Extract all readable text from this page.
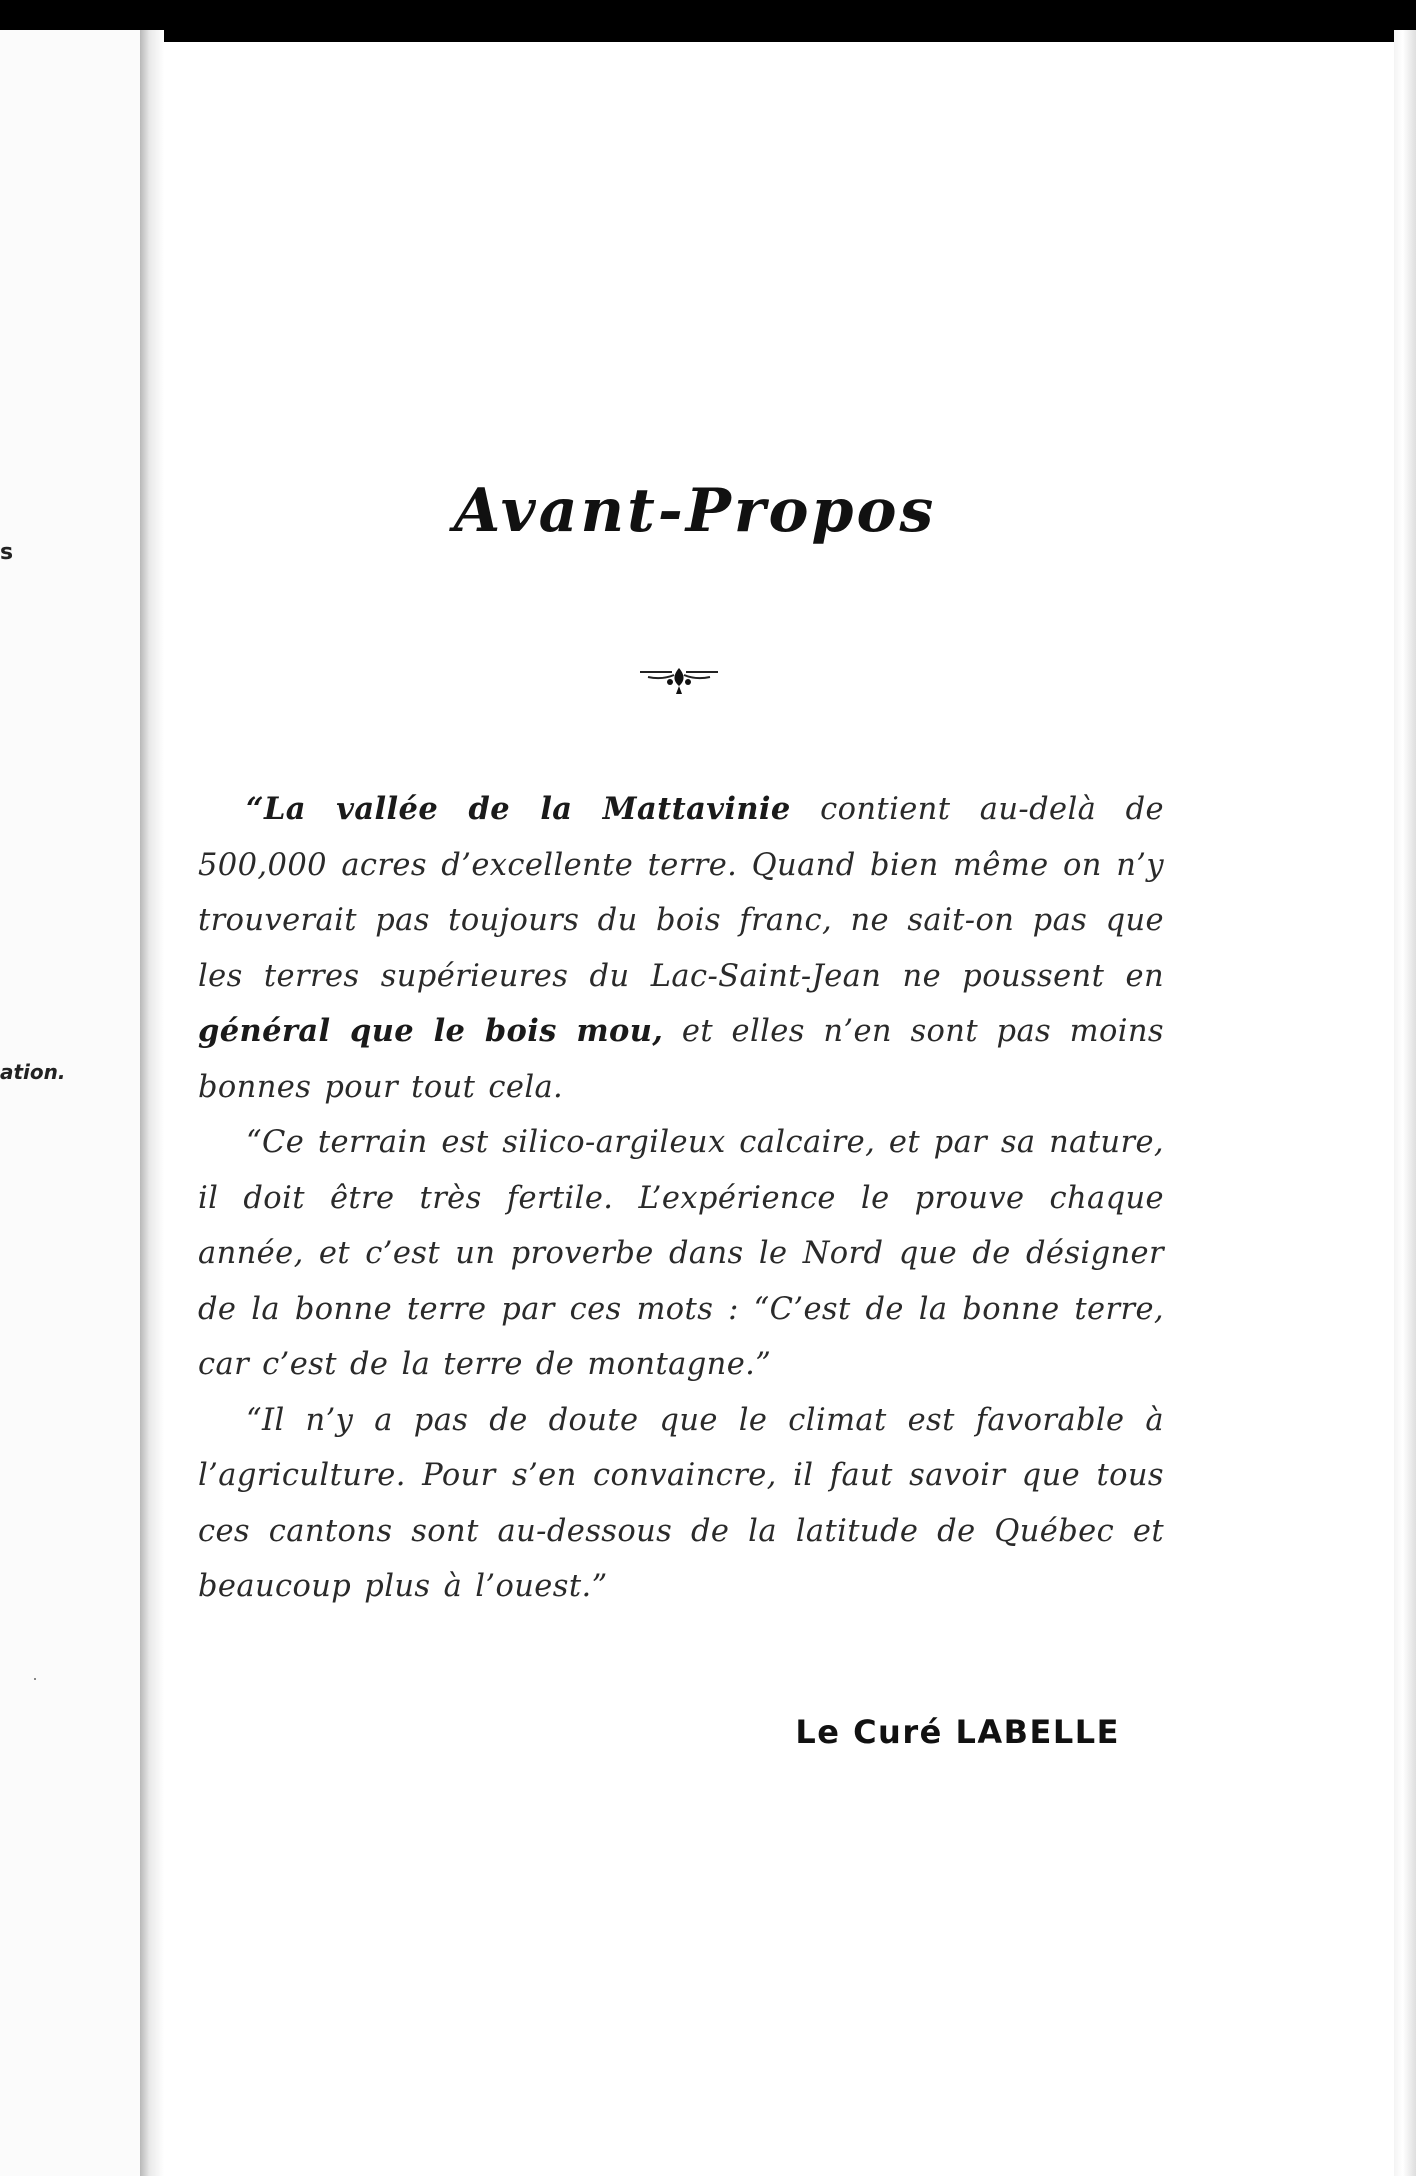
s
ation.
Avant-Propos

“La vallée de la Mattavinie contient au-delà de 500,000 acres d’excellente terre. Quand bien même on n’y trouverait pas toujours du bois franc, ne sait-on pas que les terres supérieures du Lac-Saint-Jean ne poussent en général que le bois mou, et elles n’en sont pas moins bonnes pour tout cela.

“Ce terrain est silico-argileux calcaire, et par sa nature, il doit être très fertile. L’expérience le prouve chaque année, et c’est un proverbe dans le Nord que de désigner de la bonne terre par ces mots : “C’est de la bonne terre, car c’est de la terre de montagne.”

“Il n’y a pas de doute que le climat est favorable à l’agriculture. Pour s’en convaincre, il faut savoir que tous ces cantons sont au-dessous de la latitude de Québec et beaucoup plus à l’ouest.”

Le Curé LABELLE
